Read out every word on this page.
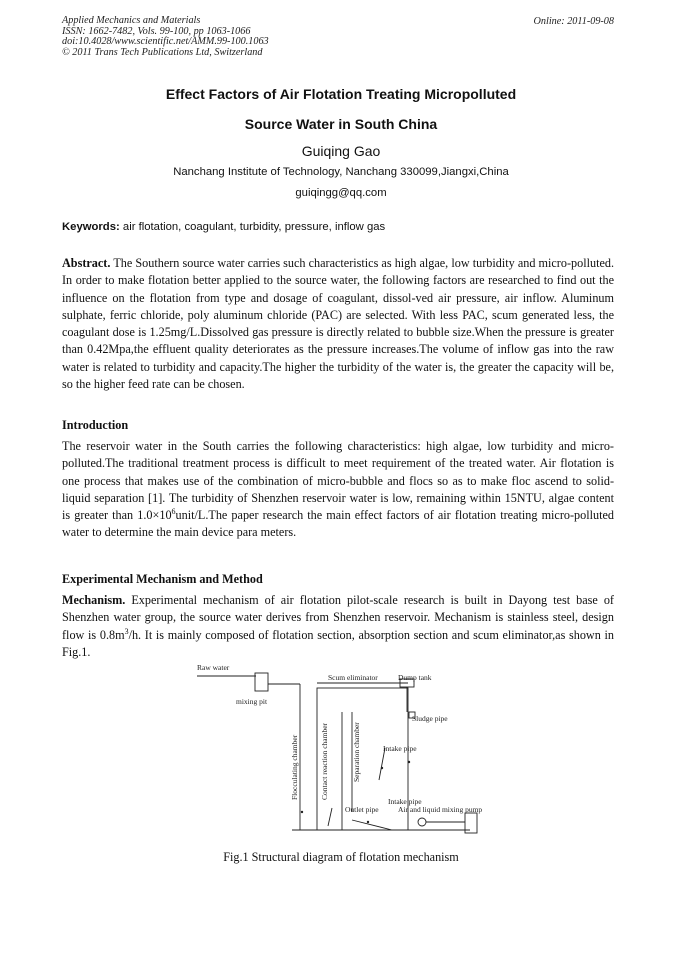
Applied Mechanics and Materials
ISSN: 1662-7482, Vols. 99-100, pp 1063-1066
doi:10.4028/www.scientific.net/AMM.99-100.1063
© 2011 Trans Tech Publications Ltd, Switzerland
Online: 2011-09-08
Effect Factors of Air Flotation Treating Micropolluted
Source Water in South China
Guiqing Gao
Nanchang Institute of Technology, Nanchang 330099,Jiangxi,China
guiqingg@qq.com
Keywords: air flotation, coagulant, turbidity, pressure, inflow gas
Abstract. The Southern source water carries such characteristics as high algae, low turbidity and micro-polluted. In order to make flotation better applied to the source water, the following factors are researched to find out the influence on the flotation from type and dosage of coagulant, dissol-ved air pressure, air inflow. Aluminum sulphate, ferric chloride, poly aluminum chloride (PAC) are selected. With less PAC, scum generated less, the coagulant dose is 1.25mg/L.Dissolved gas pressure is directly related to bubble size.When the pressure is greater than 0.42Mpa,the effluent quality deteriorates as the pressure increases.The volume of inflow gas into the raw water is related to turbidity and capacity.The higher the turbidity of the water is, the greater the capacity will be, so the higher feed rate can be chosen.
Introduction
The reservoir water in the South carries the following characteristics: high algae, low turbidity and micro-polluted.The traditional treatment process is difficult to meet requirement of the treated water. Air flotation is one process that makes use of the combination of micro-bubble and flocs so as to make floc ascend to solid-liquid separation [1]. The turbidity of Shenzhen reservoir water is low, remaining within 15NTU, algae content is greater than $1.0\times 10^6unit/L.The$ paper research the main effect factors of air flotation treating micro-polluted water to determine the main device para meters.
Experimental Mechanism and Method
Mechanism. Experimental mechanism of air flotation pilot-scale research is built in Dayong test base of Shenzhen water group, the source water derives from Shenzhen reservoir. Mechanism is stainless steel, design flow is $0.8m^3/h$. It is mainly composed of flotation section, absorption section and scum eliminator,as shown in Fig.1.
Raw water
mixing pit
Scum eliminator	Dump tank
Sludge pipe
Intake pipe
Intake pipe
Outlet pipe	Air and liquid mixing pump
Flocculating chamber	Contact reaction chamber	Separation chamber
Fig.1 Structural diagram of flotation mechanism
